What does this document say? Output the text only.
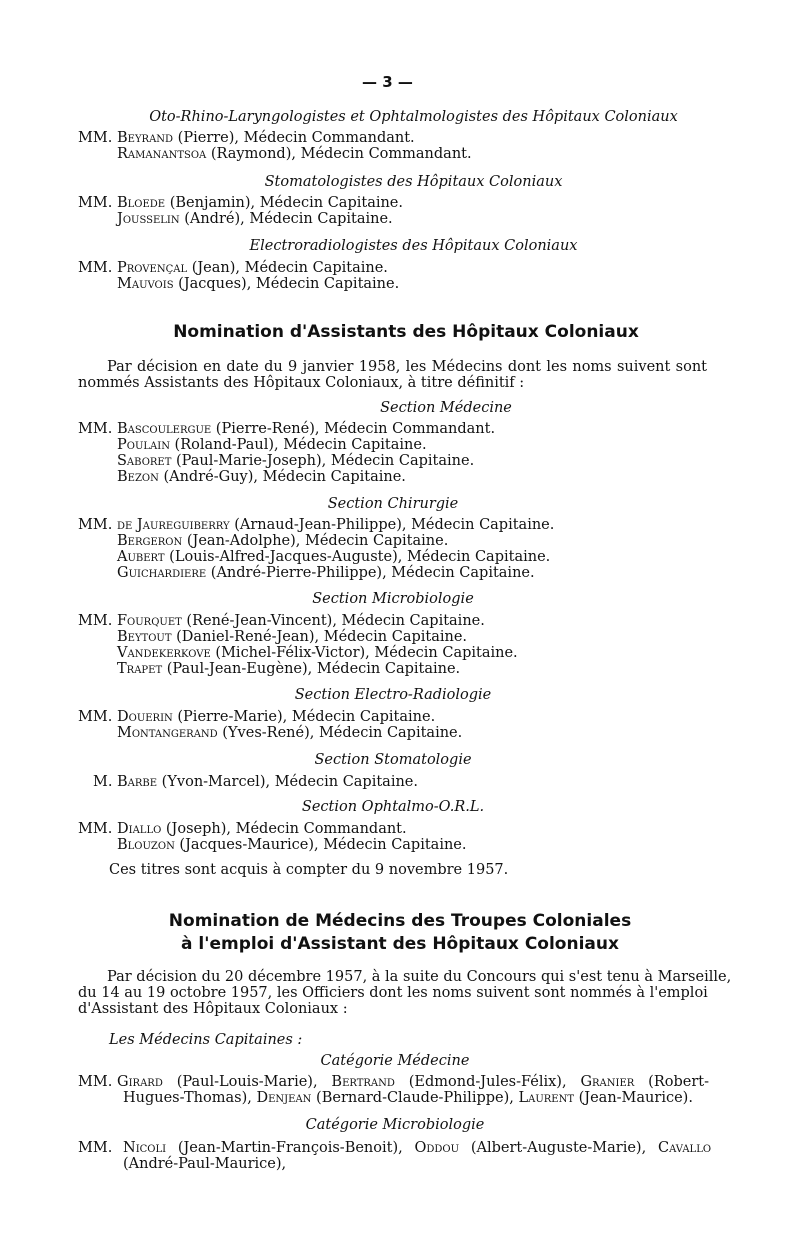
— 3 —
Oto-Rhino-Laryngologistes et Ophtalmologistes des Hôpitaux Coloniaux
MM. Beyrand (Pierre), Médecin Commandant.
Ramanantsoa (Raymond), Médecin Commandant.
Stomatologistes des Hôpitaux Coloniaux
MM. Bloede (Benjamin), Médecin Capitaine.
Jousselin (André), Médecin Capitaine.
Electroradiologistes des Hôpitaux Coloniaux
MM. Provençal (Jean), Médecin Capitaine.
Mauvois (Jacques), Médecin Capitaine.
Nomination d'Assistants des Hôpitaux Coloniaux
Par décision en date du 9 janvier 1958, les Médecins dont les noms suivent sont
nommés Assistants des Hôpitaux Coloniaux, à titre définitif :
Section Médecine
MM. Bascoulergue (Pierre-René), Médecin Commandant.
Poulain (Roland-Paul), Médecin Capitaine.
Saboret (Paul-Marie-Joseph), Médecin Capitaine.
Bezon (André-Guy), Médecin Capitaine.
Section Chirurgie
MM. de Jaureguiberry (Arnaud-Jean-Philippe), Médecin Capitaine.
Bergeron (Jean-Adolphe), Médecin Capitaine.
Aubert (Louis-Alfred-Jacques-Auguste), Médecin Capitaine.
Guichardiere (André-Pierre-Philippe), Médecin Capitaine.
Section Microbiologie
MM. Fourquet (René-Jean-Vincent), Médecin Capitaine.
Beytout (Daniel-René-Jean), Médecin Capitaine.
Vandekerkove (Michel-Félix-Victor), Médecin Capitaine.
Trapet (Paul-Jean-Eugène), Médecin Capitaine.
Section Electro-Radiologie
MM. Douerin (Pierre-Marie), Médecin Capitaine.
Montangerand (Yves-René), Médecin Capitaine.
Section Stomatologie
M. Barbe (Yvon-Marcel), Médecin Capitaine.
Section Ophtalmo-O.R.L.
MM. Diallo (Joseph), Médecin Commandant.
Blouzon (Jacques-Maurice), Médecin Capitaine.
Ces titres sont acquis à compter du 9 novembre 1957.
Nomination de Médecins des Troupes Coloniales
à l'emploi d'Assistant des Hôpitaux Coloniaux
Par décision du 20 décembre 1957, à la suite du Concours qui s'est tenu à Marseille,
du 14 au 19 octobre 1957, les Officiers dont les noms suivent sont nommés à l'emploi
d'Assistant des Hôpitaux Coloniaux :
Les Médecins Capitaines :
Catégorie Médecine
MM. Girard (Paul-Louis-Marie), Bertrand (Edmond-Jules-Félix), Granier (Robert-
Hugues-Thomas), Denjean (Bernard-Claude-Philippe), Laurent (Jean-Maurice).
Catégorie Microbiologie
MM. Nicoli (Jean-Martin-François-Benoit), Oddou (Albert-Auguste-Marie), Cavallo
(André-Paul-Maurice),
